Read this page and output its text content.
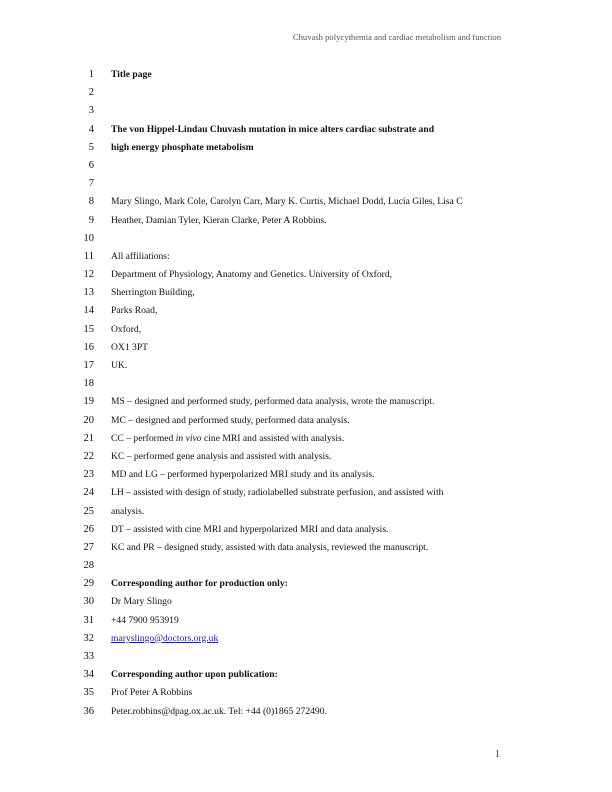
Chuvash polycythemia and cardiac metabolism and function
1 Title page
2
3
4 The von Hippel-Lindau Chuvash mutation in mice alters cardiac substrate and
5 high energy phosphate metabolism
6
7
8 Mary Slingo, Mark Cole, Carolyn Carr, Mary K. Curtis, Michael Dodd, Lucia Giles, Lisa C
9 Heather, Damian Tyler, Kieran Clarke, Peter A Robbins.
10
11 All affiliations:
12 Department of Physiology, Anatomy and Genetics. University of Oxford,
13 Sherrington Building,
14 Parks Road,
15 Oxford,
16 OX1 3PT
17 UK.
18
19 MS – designed and performed study, performed data analysis, wrote the manuscript.
20 MC – designed and performed study, performed data analysis.
21 CC – performed in vivo cine MRI and assisted with analysis.
22 KC – performed gene analysis and assisted with analysis.
23 MD and LG – performed hyperpolarized MRI study and its analysis.
24 LH – assisted with design of study, radiolabelled substrate perfusion, and assisted with
25 analysis.
26 DT – assisted with cine MRI and hyperpolarized MRI and data analysis.
27 KC and PR – designed study, assisted with data analysis, reviewed the manuscript.
28
29 Corresponding author for production only:
30 Dr Mary Slingo
31 +44 7900 953919
32 maryslingo@doctors.org.uk
33
34 Corresponding author upon publication:
35 Prof Peter A Robbins
36 Peter.robbins@dpag.ox.ac.uk. Tel: +44 (0)1865 272490.
1
